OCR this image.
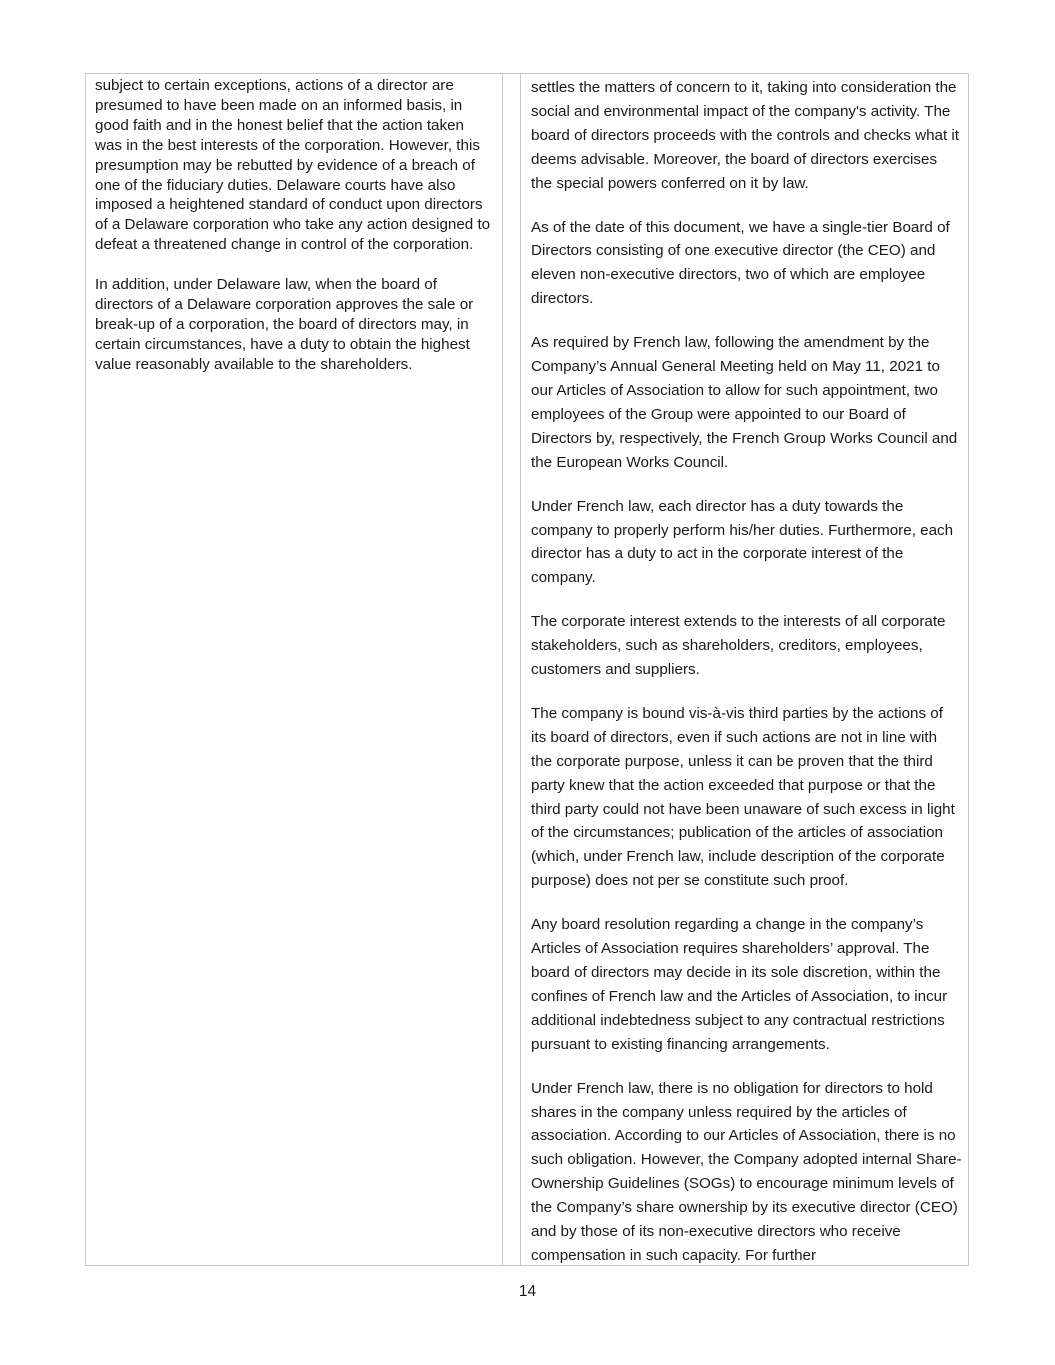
subject to certain exceptions, actions of a director are presumed to have been made on an informed basis, in good faith and in the honest belief that the action taken was in the best interests of the corporation. However, this presumption may be rebutted by evidence of a breach of one of the fiduciary duties. Delaware courts have also imposed a heightened standard of conduct upon directors of a Delaware corporation who take any action designed to defeat a threatened change in control of the corporation.

In addition, under Delaware law, when the board of directors of a Delaware corporation approves the sale or break-up of a corporation, the board of directors may, in certain circumstances, have a duty to obtain the highest value reasonably available to the shareholders.

settles the matters of concern to it, taking into consideration the social and environmental impact of the company's activity. The board of directors proceeds with the controls and checks what it deems advisable. Moreover, the board of directors exercises the special powers conferred on it by law.

As of the date of this document, we have a single-tier Board of Directors consisting of one executive director (the CEO) and eleven non-executive directors, two of which are employee directors.

As required by French law, following the amendment by the Company’s Annual General Meeting held on May 11, 2021 to our Articles of Association to allow for such appointment, two employees of the Group were appointed to our Board of Directors by, respectively, the French Group Works Council and the European Works Council.

Under French law, each director has a duty towards the company to properly perform his/her duties. Furthermore, each director has a duty to act in the corporate interest of the company.

The corporate interest extends to the interests of all corporate stakeholders, such as shareholders, creditors, employees, customers and suppliers.

The company is bound vis-à-vis third parties by the actions of its board of directors, even if such actions are not in line with the corporate purpose, unless it can be proven that the third party knew that the action exceeded that purpose or that the third party could not have been unaware of such excess in light of the circumstances; publication of the articles of association (which, under French law, include description of the corporate purpose) does not per se constitute such proof.

Any board resolution regarding a change in the company’s Articles of Association requires shareholders’ approval. The board of directors may decide in its sole discretion, within the confines of French law and the Articles of Association, to incur additional indebtedness subject to any contractual restrictions pursuant to existing financing arrangements.

Under French law, there is no obligation for directors to hold shares in the company unless required by the articles of association. According to our Articles of Association, there is no such obligation. However, the Company adopted internal Share-Ownership Guidelines (SOGs) to encourage minimum levels of the Company’s share ownership by its executive director (CEO) and by those of its non-executive directors who receive compensation in such capacity. For further

14
